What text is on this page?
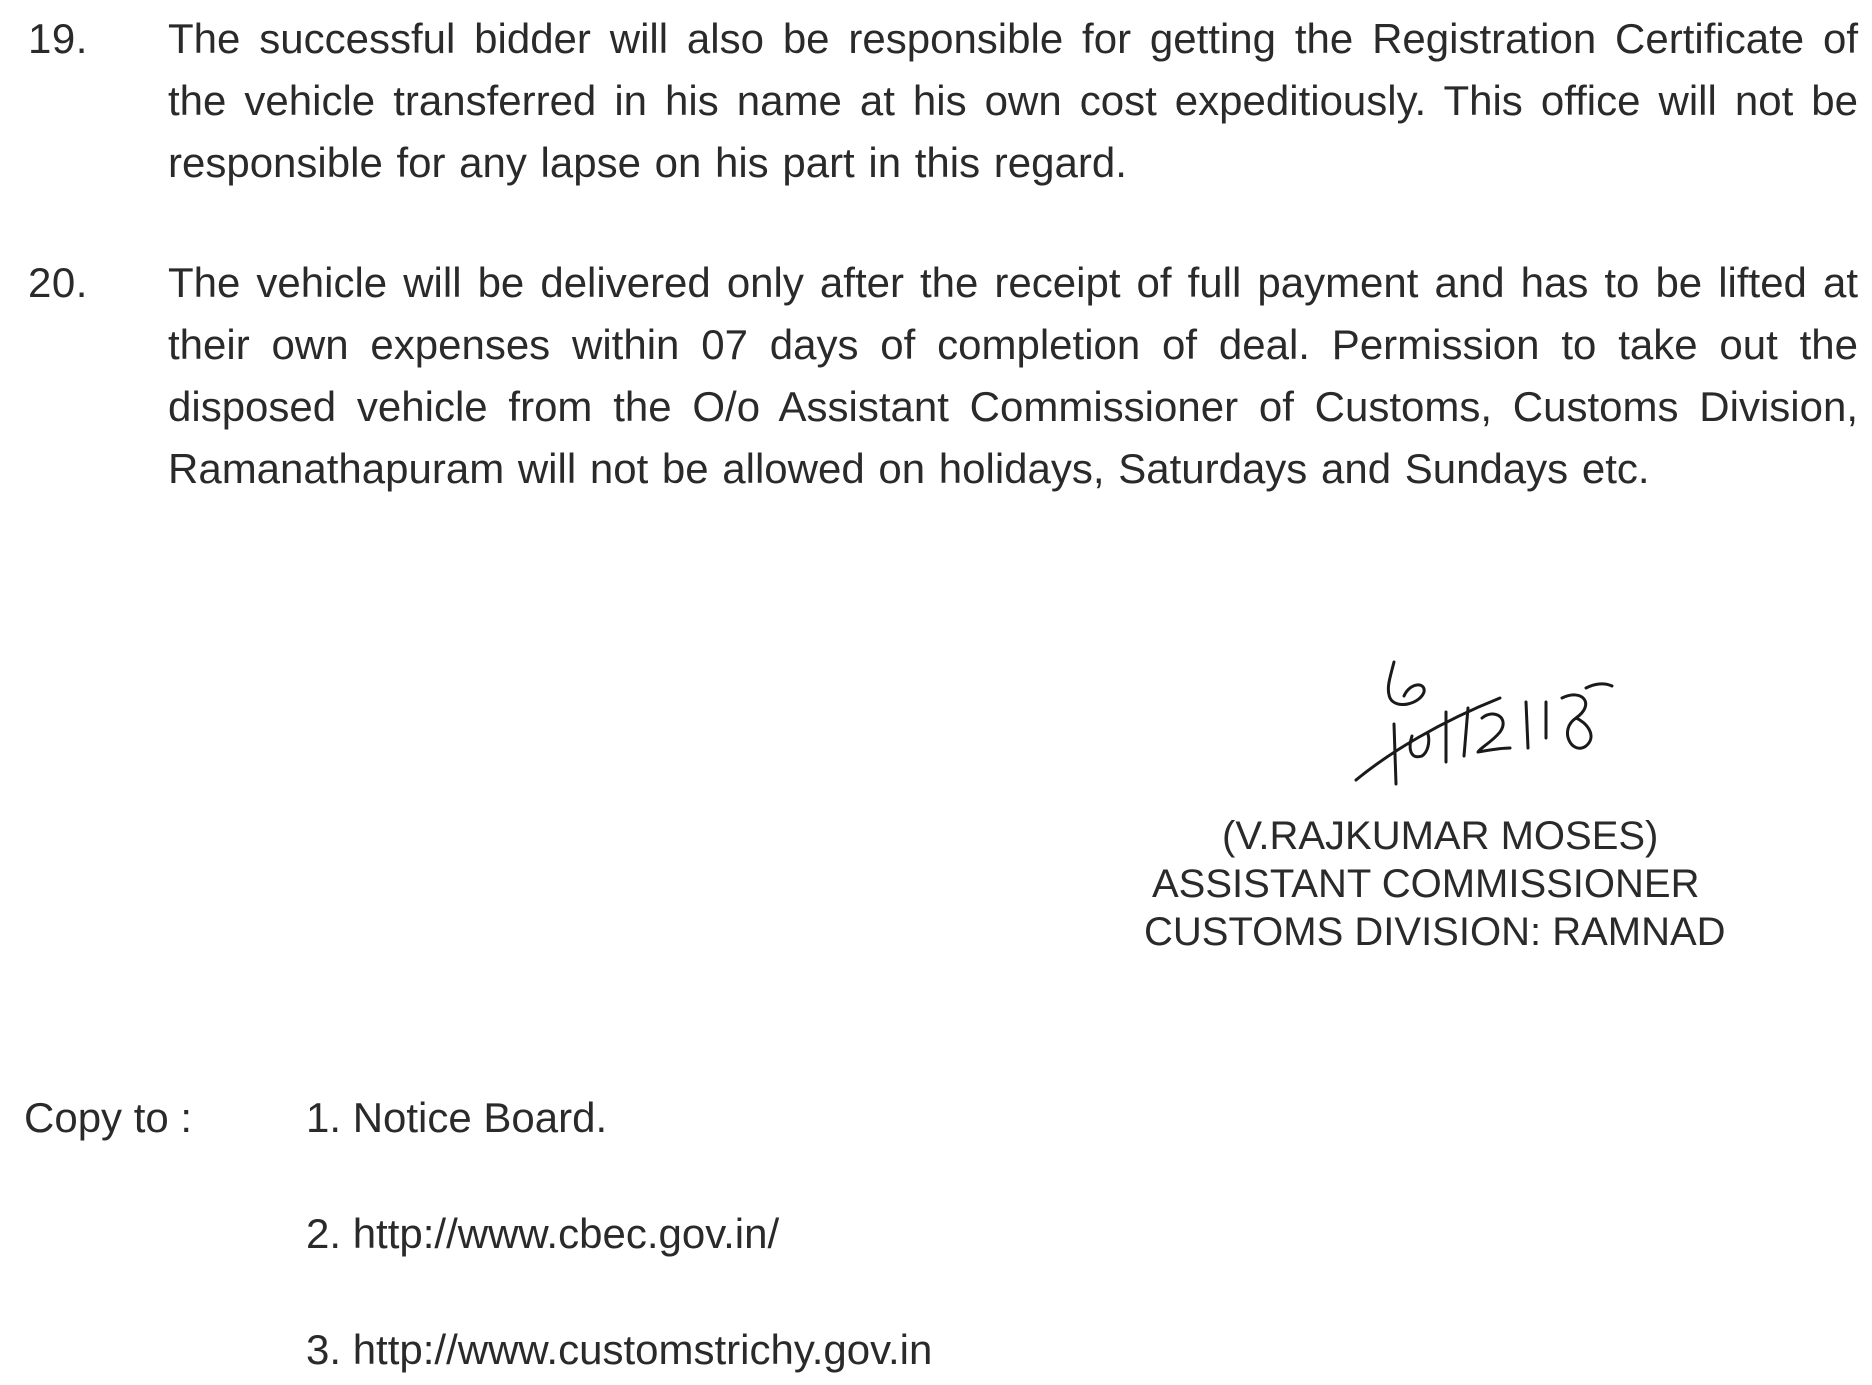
19. The successful bidder will also be responsible for getting the Registration Certificate of the vehicle transferred in his name at his own cost expeditiously. This office will not be responsible for any lapse on his part in this regard.
20. The vehicle will be delivered only after the receipt of full payment and has to be lifted at their own expenses within 07 days of completion of deal. Permission to take out the disposed vehicle from the O/o Assistant Commissioner of Customs, Customs Division, Ramanathapuram will not be allowed on holidays, Saturdays and Sundays etc.
(V.RAJKUMAR MOSES)
ASSISTANT COMMISSIONER
CUSTOMS DIVISION: RAMNAD
Copy to :	1. Notice Board.
2. http://www.cbec.gov.in/
3. http://www.customstrichy.gov.in
